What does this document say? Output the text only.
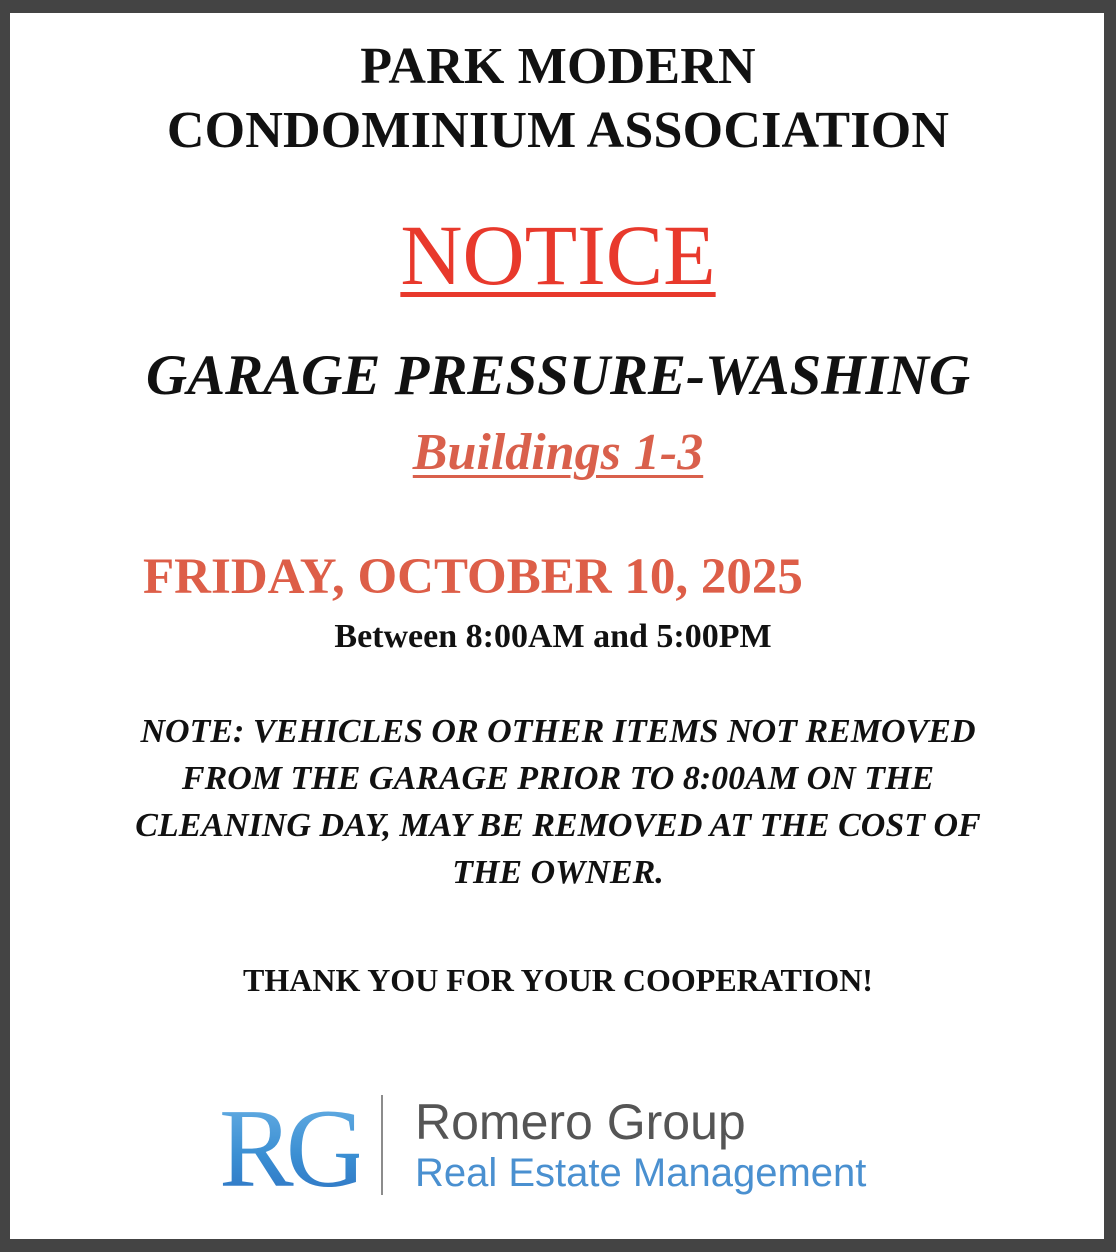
PARK MODERN
CONDOMINIUM ASSOCIATION
NOTICE
GARAGE PRESSURE-WASHING
Buildings 1-3
FRIDAY, OCTOBER 10, 2025
Between 8:00AM and 5:00PM
NOTE: VEHICLES OR OTHER ITEMS NOT REMOVED
FROM THE GARAGE PRIOR TO 8:00AM ON THE
CLEANING DAY, MAY BE REMOVED AT THE COST OF
THE OWNER.
THANK YOU FOR YOUR COOPERATION!
RG Romero Group
Real Estate Management
